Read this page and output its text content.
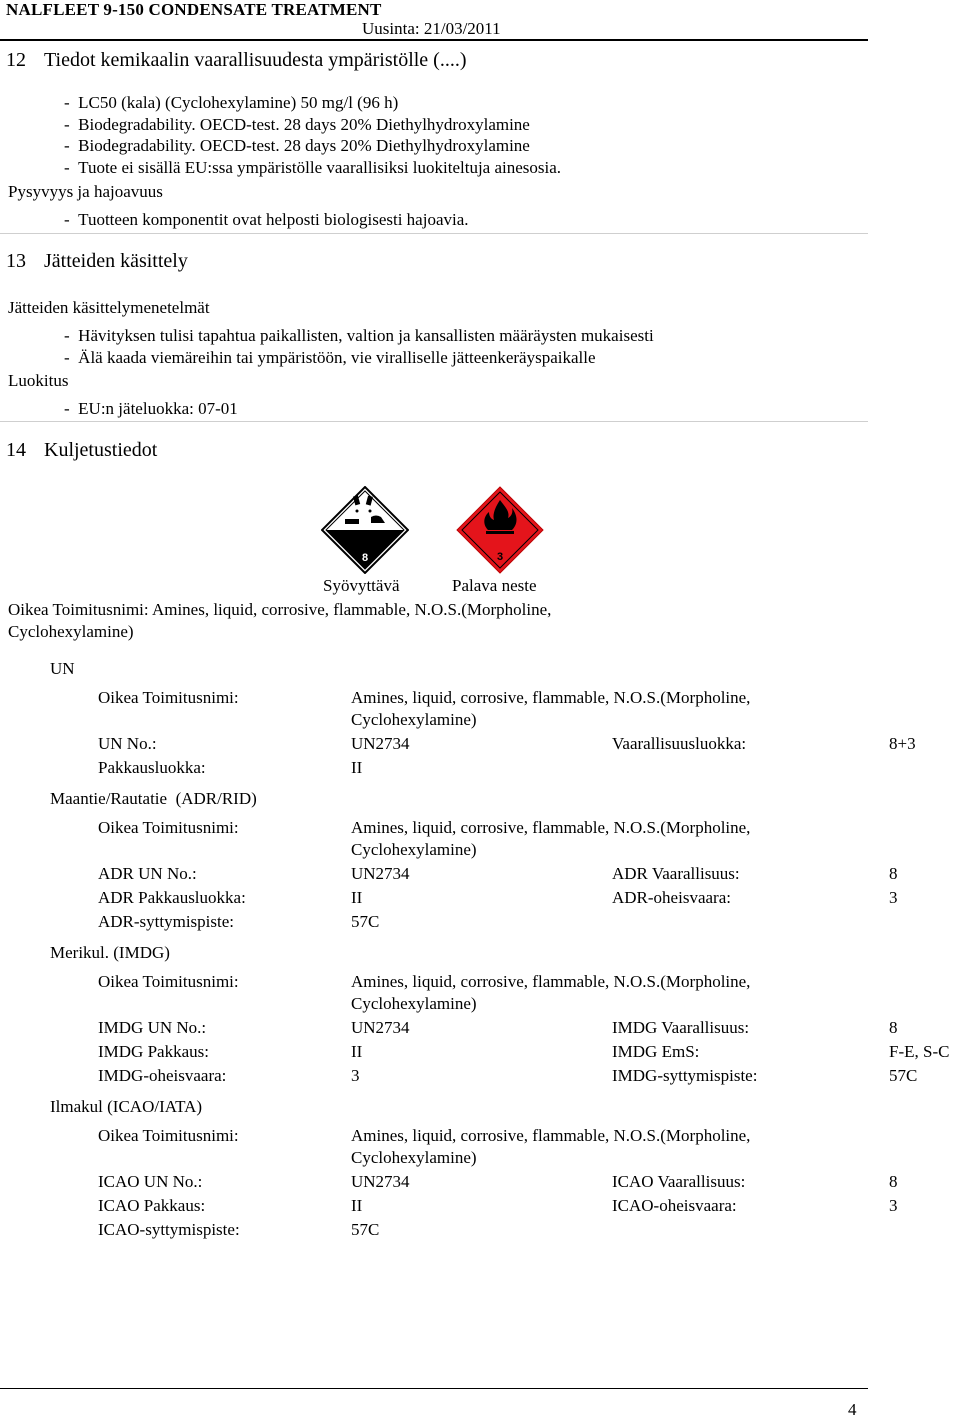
NALFLEET 9-150 CONDENSATE TREATMENT
Uusinta: 21/03/2011
12 Tiedot kemikaalin vaarallisuudesta ympäristölle (....)
-  LC50 (kala) (Cyclohexylamine) 50 mg/l (96 h)
-  Biodegradability. OECD-test. 28 days 20% Diethylhydroxylamine
-  Biodegradability. OECD-test. 28 days 20% Diethylhydroxylamine
-  Tuote ei sisällä EU:ssa ympäristölle vaarallisiksi luokiteltuja ainesosia.
Pysyvyys ja hajoavuus
-  Tuotteen komponentit ovat helposti biologisesti hajoavia.
13 Jätteiden käsittely
Jätteiden käsittelymenetelmät
-  Hävityksen tulisi tapahtua paikallisten, valtion ja kansallisten määräysten mukaisesti
-  Älä kaada viemäreihin tai ympäristöön, vie viralliselle jätteenkeräyspaikalle
Luokitus
-  EU:n jäteluokka: 07-01
14 Kuljetustiedot
8	3
Syövyttävä	Palava neste
Oikea Toimitusnimi: Amines, liquid, corrosive, flammable, N.O.S.(Morpholine,
Cyclohexylamine)
UN
Oikea Toimitusnimi:	Amines, liquid, corrosive, flammable, N.O.S.(Morpholine,
Cyclohexylamine)
UN No.:	UN2734	Vaarallisuusluokka:	8+3
Pakkausluokka:	II
Maantie/Rautatie  (ADR/RID)
Oikea Toimitusnimi:	Amines, liquid, corrosive, flammable, N.O.S.(Morpholine,
Cyclohexylamine)
ADR UN No.:	UN2734	ADR Vaarallisuus:	8
ADR Pakkausluokka:	II	ADR-oheisvaara:	3
ADR-syttymispiste:	57C
Merikul. (IMDG)
Oikea Toimitusnimi:	Amines, liquid, corrosive, flammable, N.O.S.(Morpholine,
Cyclohexylamine)
IMDG UN No.:	UN2734	IMDG Vaarallisuus:	8
IMDG Pakkaus:	II	IMDG EmS:	F-E, S-C
IMDG-oheisvaara:	3	IMDG-syttymispiste:	57C
Ilmakul (ICAO/IATA)
Oikea Toimitusnimi:	Amines, liquid, corrosive, flammable, N.O.S.(Morpholine,
Cyclohexylamine)
ICAO UN No.:	UN2734	ICAO Vaarallisuus:	8
ICAO Pakkaus:	II	ICAO-oheisvaara:	3
ICAO-syttymispiste:	57C
4
